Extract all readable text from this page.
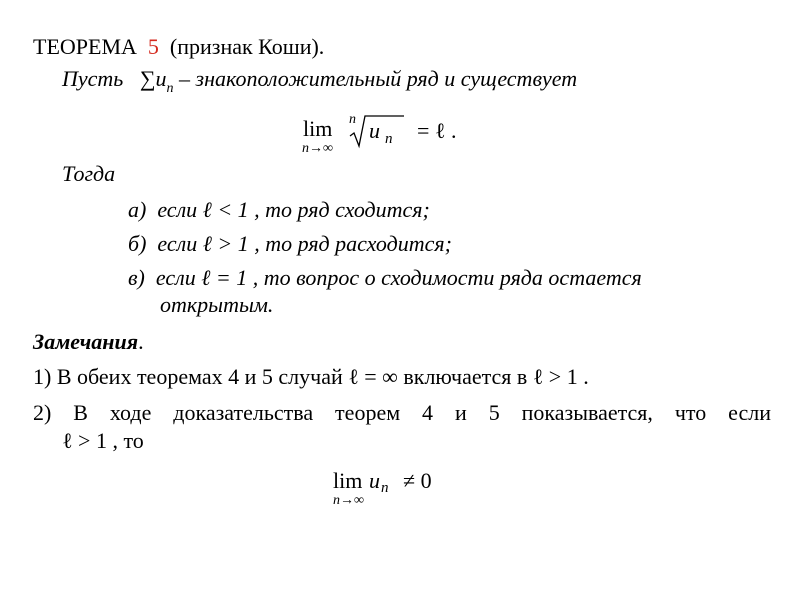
ТЕОРЕМА 5 (признак Коши).
Пусть $\sum u_n$ – знакоположительный ряд и существует
lim
n→∞
n u $_n$ = ℓ .
Тогда
а) если ℓ < 1 , то ряд сходится;
б) если ℓ > 1 , то ряд расходится;
в) если ℓ = 1 , то вопрос о сходимости ряда остается
открытым.
Замечания.
1) В обеих теоремах 4 и 5 случай ℓ = ∞ включается в ℓ > 1 .
2) В ходе доказательства теорем 4 и 5 показывается, что если
ℓ > 1 , то
lim
n→∞
un ≠ 0
